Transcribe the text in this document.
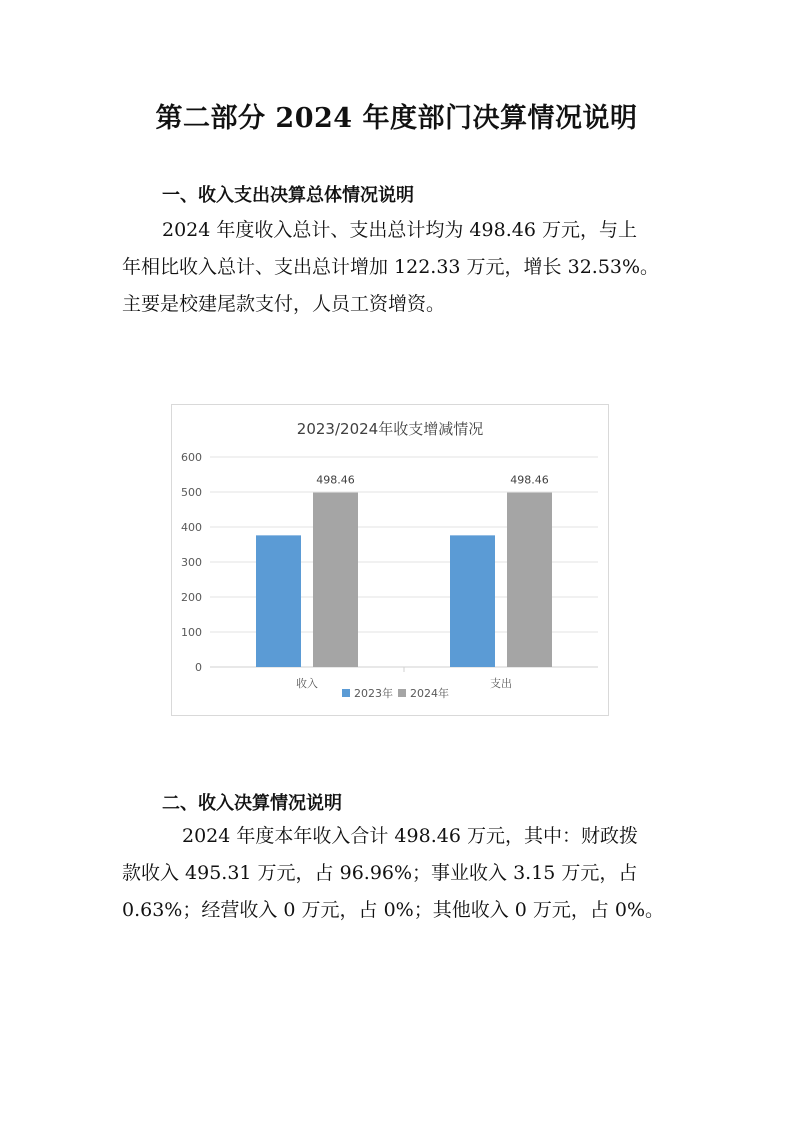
第二部分 2024 年度部门决算情况说明
一、收入支出决算总体情况说明
2024 年度收入总计、支出总计均为 498.46 万元，与上
年相比收入总计、支出总计增加 122.33 万元，增长 32.53%。
主要是校建尾款支付，人员工资增资。
2023/2024年收支增减情况
0
100
200
300
400
500
600
498.46
收入
498.46
支出
2023年 2024年
二、收入决算情况说明
2024 年度本年收入合计 498.46 万元，其中：财政拨
款收入 495.31 万元，占 96.96%；事业收入 3.15 万元，占
0.63%；经营收入 0 万元，占 0%；其他收入 0 万元，占 0%。
